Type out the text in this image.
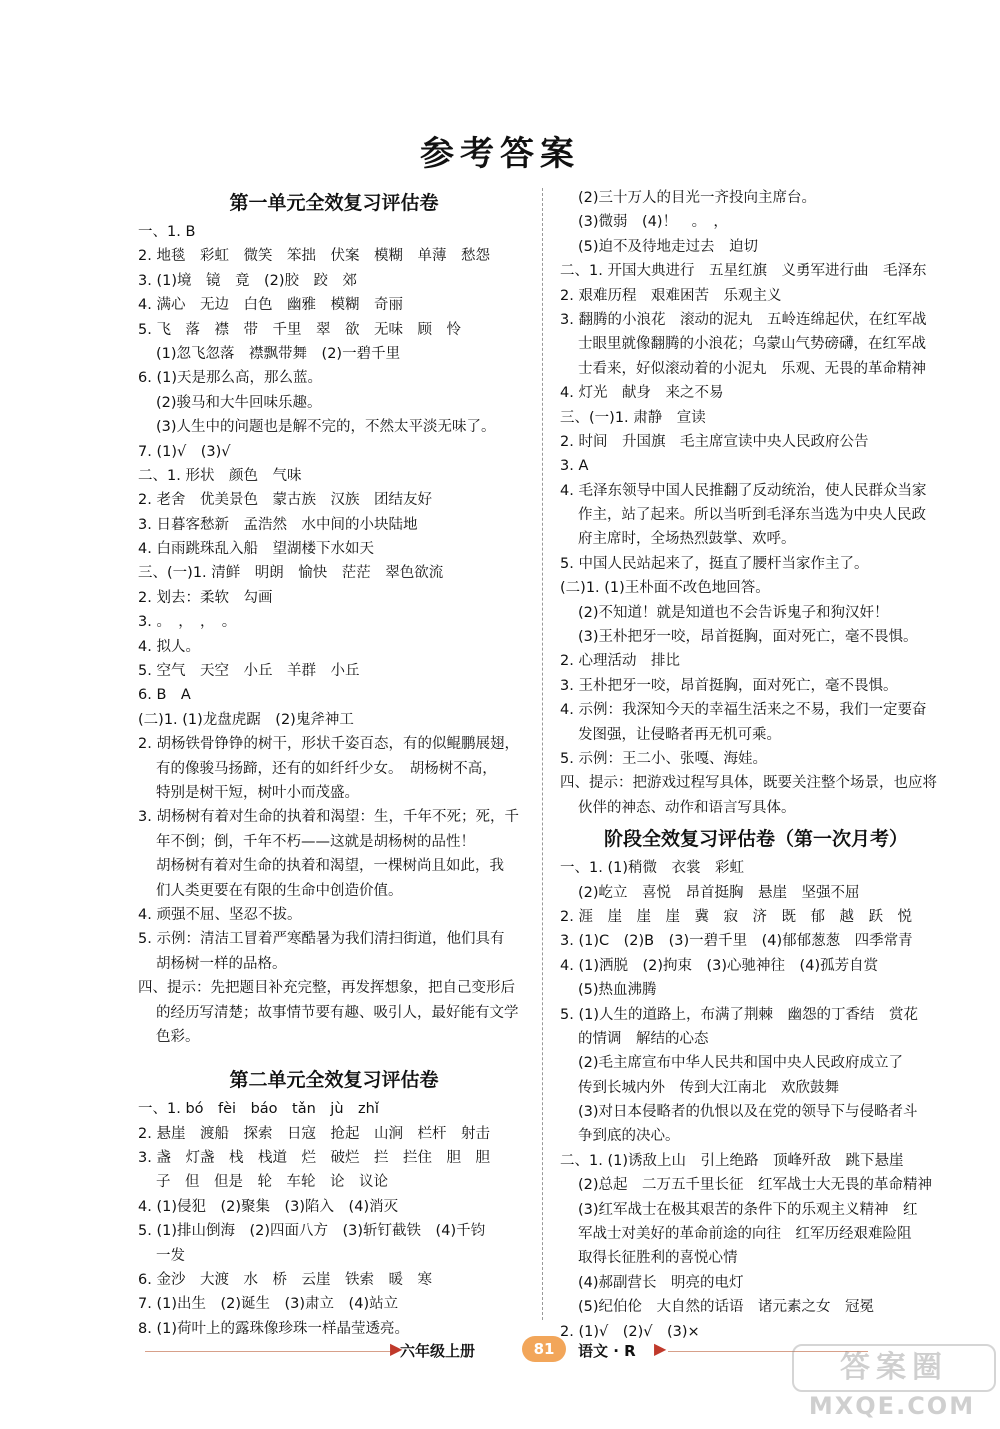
参考答案
第一单元全效复习评估卷
一、1. B
2. 地毯　彩虹　微笑　笨拙　伏案　模糊　单薄　愁怨
3. (1)境　镜　竟　(2)胶　跤　郊
4. 满心　无边　白色　幽雅　模糊　奇丽
5. 飞　落　襟　带　千里　翠　欲　无味　顾　怜
(1)忽飞忽落　襟飘带舞　(2)一碧千里
6. (1)天是那么高，那么蓝。
(2)骏马和大牛回味乐趣。
(3)人生中的问题也是解不完的，不然太平淡无味了。
7. (1)√　(3)√
二、1. 形状　颜色　气味
2. 老舍　优美景色　蒙古族　汉族　团结友好
3. 日暮客愁新　孟浩然　水中间的小块陆地
4. 白雨跳珠乱入船　望湖楼下水如天
三、(一)1. 清鲜　明朗　愉快　茫茫　翠色欲流
2. 划去：柔软　勾画
3. 。　，　，　。
4. 拟人。
5. 空气　天空　小丘　羊群　小丘
6. B　A
(二)1. (1)龙盘虎踞　(2)鬼斧神工
2. 胡杨铁骨铮铮的树干，形状千姿百态，有的似鲲鹏展翅，
有的像骏马扬蹄，还有的如纤纤少女。　胡杨树不高，
特别是树干短，树叶小而茂盛。
3. 胡杨树有着对生命的执着和渴望：生，千年不死；死，千
年不倒；倒，千年不朽——这就是胡杨树的品性！
胡杨树有着对生命的执着和渴望，一棵树尚且如此，我
们人类更要在有限的生命中创造价值。
4. 顽强不屈、坚忍不拔。
5. 示例：清洁工冒着严寒酷暑为我们清扫街道，他们具有
胡杨树一样的品格。
四、提示：先把题目补充完整，再发挥想象，把自己变形后
的经历写清楚；故事情节要有趣、吸引人，最好能有文学
色彩。
第二单元全效复习评估卷
一、1. bó　fèi　báo　tǎn　jù　zhǐ
2. 悬崖　渡船　探索　日寇　抢起　山涧　栏杆　射击
3. 盏　灯盏　栈　栈道　烂　破烂　拦　拦住　胆　胆
子　但　但是　轮　车轮　论　议论
4. (1)侵犯　(2)聚集　(3)陷入　(4)消灭
5. (1)排山倒海　(2)四面八方　(3)斩钉截铁　(4)千钧
一发
6. 金沙　大渡　水　桥　云崖　铁索　暖　寒
7. (1)出生　(2)诞生　(3)肃立　(4)站立
8. (1)荷叶上的露珠像珍珠一样晶莹透亮。
(2)三十万人的目光一齐投向主席台。
(3)微弱　(4)！　。　，
(5)迫不及待地走过去　迫切
二、1. 开国大典进行　五星红旗　义勇军进行曲　毛泽东
2. 艰难历程　艰难困苦　乐观主义
3. 翻腾的小浪花　滚动的泥丸　五岭连绵起伏，在红军战
士眼里就像翻腾的小浪花；乌蒙山气势磅礴，在红军战
士看来，好似滚动着的小泥丸　乐观、无畏的革命精神
4. 灯光　献身　来之不易
三、(一)1. 肃静　宣读
2. 时间　升国旗　毛主席宣读中央人民政府公告
3. A
4. 毛泽东领导中国人民推翻了反动统治，使人民群众当家
作主，站了起来。所以当听到毛泽东当选为中央人民政
府主席时，全场热烈鼓掌、欢呼。
5. 中国人民站起来了，挺直了腰杆当家作主了。
(二)1. (1)王朴面不改色地回答。
(2)不知道！就是知道也不会告诉鬼子和狗汉奸！
(3)王朴把牙一咬，昂首挺胸，面对死亡，毫不畏惧。
2. 心理活动　排比
3. 王朴把牙一咬，昂首挺胸，面对死亡，毫不畏惧。
4. 示例：我深知今天的幸福生活来之不易，我们一定要奋
发图强，让侵略者再无机可乘。
5. 示例：王二小、张嘎、海娃。
四、提示：把游戏过程写具体，既要关注整个场景，也应将
伙伴的神态、动作和语言写具体。
阶段全效复习评估卷（第一次月考）
一、1. (1)稍微　衣裳　彩虹
(2)屹立　喜悦　昂首挺胸　悬崖　坚强不屈
2. 涯　崖　崖　崖　冀　寂　济　既　郁　越　跃　悦
3. (1)C　(2)B　(3)一碧千里　(4)郁郁葱葱　四季常青
4. (1)洒脱　(2)拘束　(3)心驰神往　(4)孤芳自赏
(5)热血沸腾
5. (1)人生的道路上，布满了荆棘　幽怨的丁香结　赏花
的情调　解结的心态
(2)毛主席宣布中华人民共和国中央人民政府成立了
传到长城内外　传到大江南北　欢欣鼓舞
(3)对日本侵略者的仇恨以及在党的领导下与侵略者斗
争到底的决心。
二、1. (1)诱敌上山　引上绝路　顶峰歼敌　跳下悬崖
(2)总起　二万五千里长征　红军战士大无畏的革命精神
(3)红军战士在极其艰苦的条件下的乐观主义精神　红
军战士对美好的革命前途的向往　红军历经艰难险阻
取得长征胜利的喜悦心情
(4)郝副营长　明亮的电灯
(5)纪伯伦　大自然的话语　诸元素之女　冠冕
2. (1)√　(2)√　(3)×
▶
六年级上册	81	语文 · R ▶
答案圈
MXQE.COM
